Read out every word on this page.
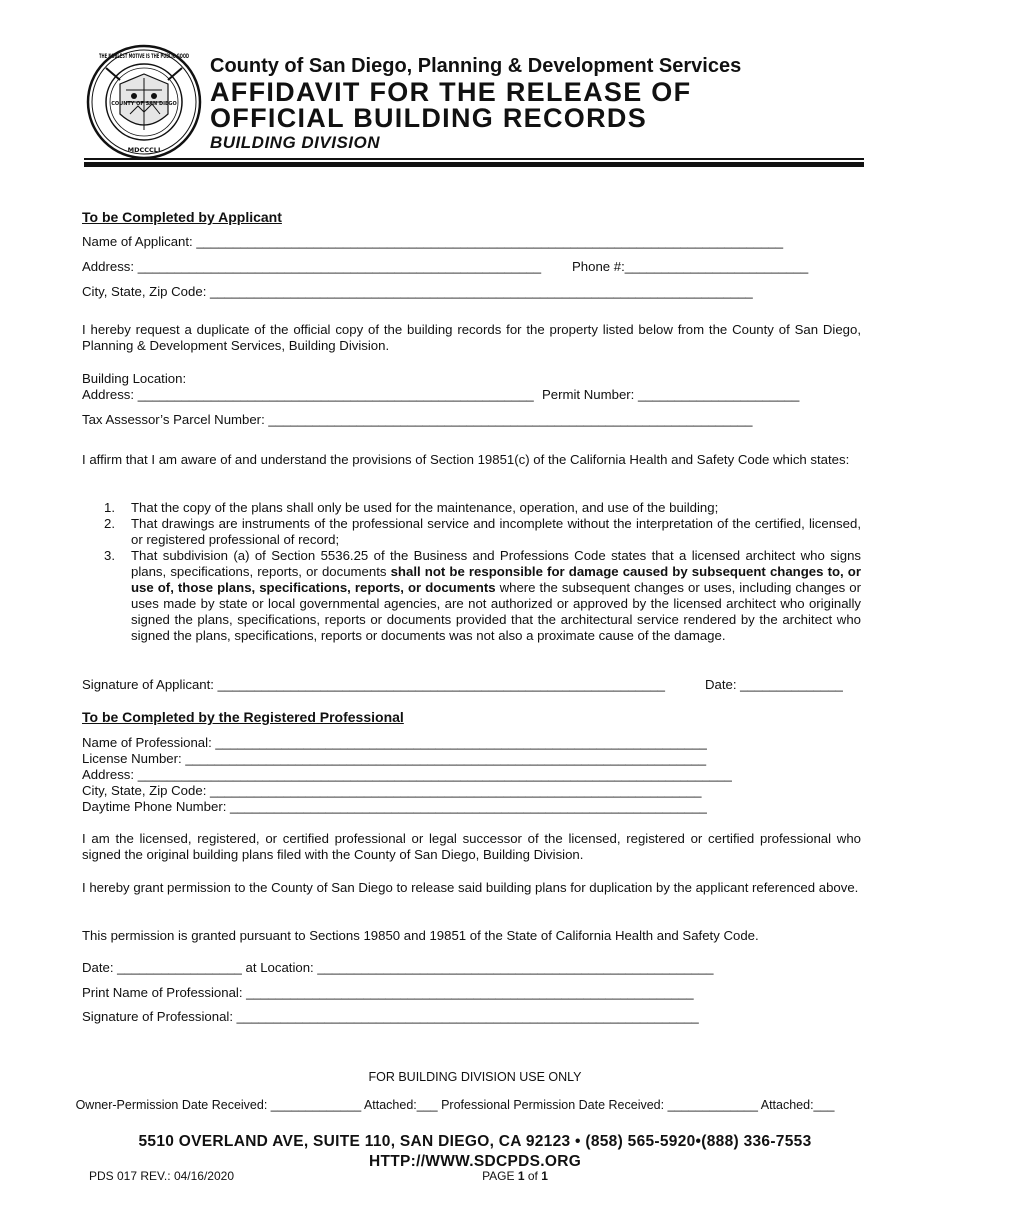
THE NOBLEST MOTIVE IS THE PUBLIC GOOD
COUNTY OF SAN DIEGO
MDCCCLI
County of San Diego, Planning & Development Services
AFFIDAVIT FOR THE RELEASE OF
OFFICIAL BUILDING RECORDS
BUILDING DIVISION
To be Completed by Applicant
Name of Applicant: ________________________________________________________________________________
Address: _______________________________________________________ Phone #:_________________________
City, State, Zip Code: __________________________________________________________________________
I hereby request a duplicate of the official copy of the building records for the property listed below from the County of San Diego, Planning & Development Services, Building Division.
Building Location:
Address: ______________________________________________________ Permit Number: ______________________
Tax Assessor’s Parcel Number: __________________________________________________________________
I affirm that I am aware of and understand the provisions of Section 19851(c) of the California Health and Safety Code which states:
1. That the copy of the plans shall only be used for the maintenance, operation, and use of the building;
2. That drawings are instruments of the professional service and incomplete without the interpretation of the certified, licensed, or registered professional of record;
3. That subdivision (a) of Section 5536.25 of the Business and Professions Code states that a licensed architect who signs plans, specifications, reports, or documents shall not be responsible for damage caused by subsequent changes to, or use of, those plans, specifications, reports, or documents where the subsequent changes or uses, including changes or uses made by state or local governmental agencies, are not authorized or approved by the licensed architect who originally signed the plans, specifications, reports or documents provided that the architectural service rendered by the architect who signed the plans, specifications, reports or documents was not also a proximate cause of the damage.
Signature of Applicant: _____________________________________________________________	Date: ______________
To be Completed by the Registered Professional
Name of Professional: ___________________________________________________________________
License Number: _______________________________________________________________________
Address: _________________________________________________________________________________
City, State, Zip Code: ___________________________________________________________________
Daytime Phone Number: _________________________________________________________________
I am the licensed, registered, or certified professional or legal successor of the licensed, registered or certified professional who signed the original building plans filed with the County of San Diego, Building Division.
I hereby grant permission to the County of San Diego to release said building plans for duplication by the applicant referenced above.
This permission is granted pursuant to Sections 19850 and 19851 of the State of California Health and Safety Code.
Date: _________________ at Location: ______________________________________________________
Print Name of Professional: _____________________________________________________________
Signature of Professional: _______________________________________________________________
FOR BUILDING DIVISION USE ONLY
Owner-Permission Date Received: _____________ Attached:___ Professional Permission Date Received: _____________ Attached:___
5510 OVERLAND AVE, SUITE 110, SAN DIEGO, CA 92123 • (858) 565-5920•(888) 336-7553
HTTP://WWW.SDCPDS.ORG
PDS 017 REV.: 04/16/2020	PAGE 1 of 1
